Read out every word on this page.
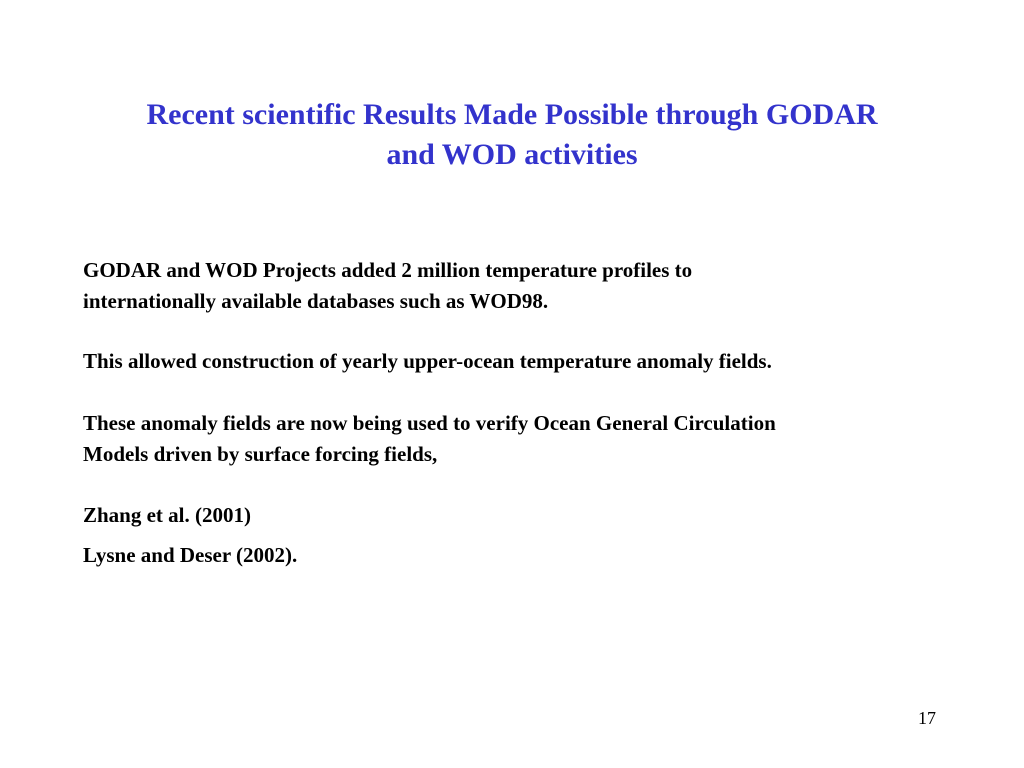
Recent scientific Results Made Possible through GODAR
and WOD activities

GODAR and WOD Projects added 2 million temperature profiles to
internationally available databases such as WOD98.

This allowed construction of yearly upper-ocean temperature anomaly fields.

These anomaly fields are now being used to verify Ocean General Circulation
Models driven by surface forcing fields,

Zhang et al. (2001)

Lysne and Deser (2002).

17
